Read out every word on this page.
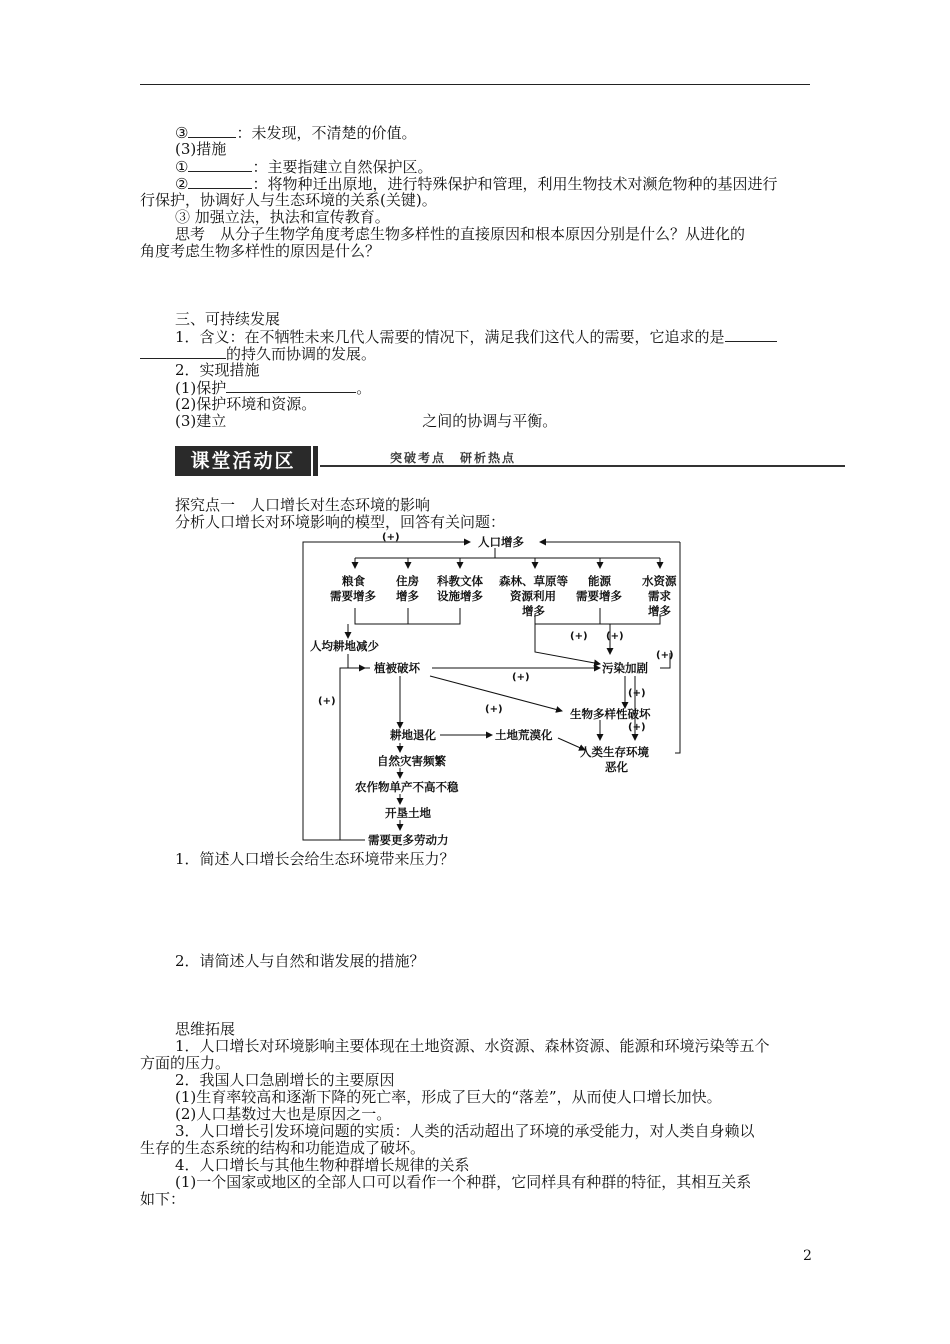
③	：未发现，不清楚的价值。
(3)措施
①	：主要指建立自然保护区。
②	：将物种迁出原地，进行特殊保护和管理，利用生物技术对濒危物种的基因进行
行保护，协调好人与生态环境的关系(关键)。
③ 加强立法，执法和宣传教育。
思考　从分子生物学角度考虑生物多样性的直接原因和根本原因分别是什么？从进化的
角度考虑生物多样性的原因是什么？
三、可持续发展
1．含义：在不牺牲未来几代人需要的情况下，满足我们这代人的需要，它追求的是
的持久而协调的发展。
2．实现措施
(1)保护	。
(2)保护环境和资源。
(3)建立	之间的协调与平衡。
课堂活动区	突破考点　研析热点
探究点一　人口增长对生态环境的影响
分析人口增长对环境影响的模型，回答有关问题：
人口增多
(+)
粮食
需要增多
住房
增多
科教文体
设施增多
森林、草原等
资源利用
增多
能源
需要增多
水资源
需求
增多
人均耕地减少
(+) (+)
(+)
植被破坏	污染加剧
(+)
(+)
(+)
(+)
(+)
生物多样性破坏
耕地退化	土地荒漠化
人类生存环境
恶化
自然灾害频繁
农作物单产不高不稳
开垦土地
需要更多劳动力
1．简述人口增长会给生态环境带来压力？
2．请简述人与自然和谐发展的措施？
思维拓展
1．人口增长对环境影响主要体现在土地资源、水资源、森林资源、能源和环境污染等五个
方面的压力。
2．我国人口急剧增长的主要原因
(1)生育率较高和逐渐下降的死亡率，形成了巨大的“落差”，从而使人口增长加快。
(2)人口基数过大也是原因之一。
3．人口增长引发环境问题的实质：人类的活动超出了环境的承受能力，对人类自身赖以
生存的生态系统的结构和功能造成了破坏。
4．人口增长与其他生物种群增长规律的关系
(1)一个国家或地区的全部人口可以看作一个种群，它同样具有种群的特征，其相互关系
如下：
2
